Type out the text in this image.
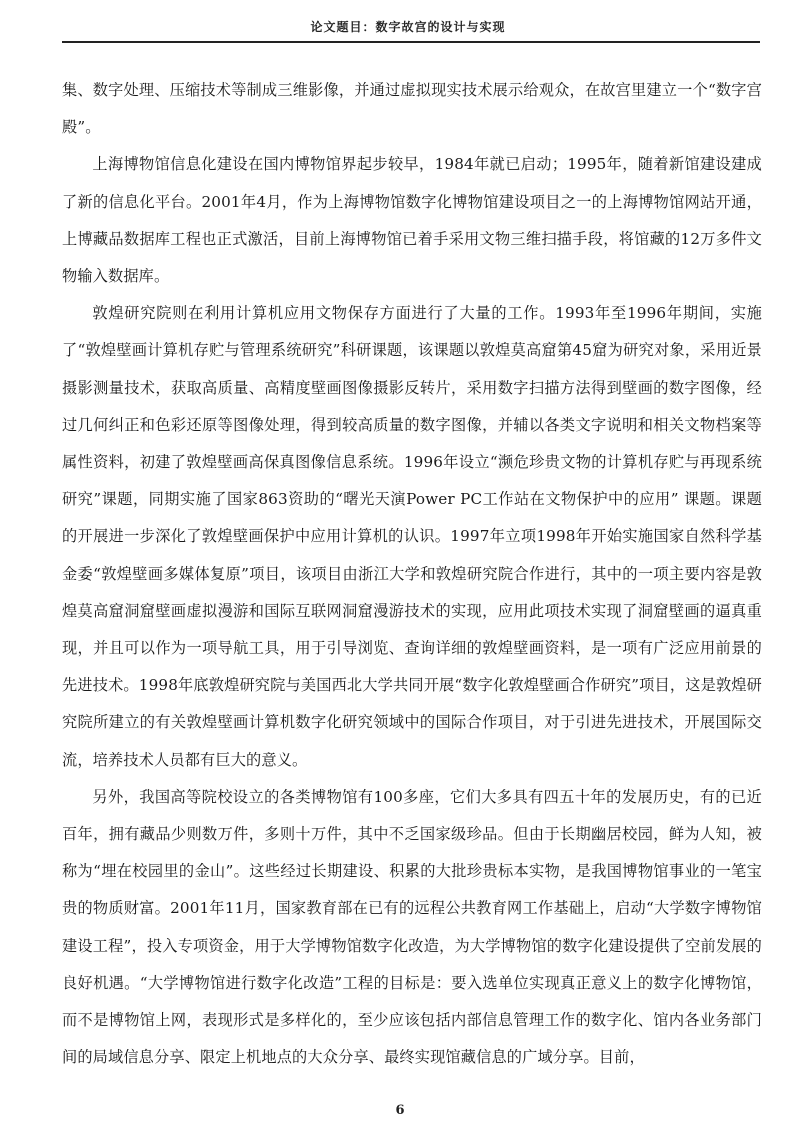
论文题目：数字故宫的设计与实现

集、数字处理、压缩技术等制成三维影像，并通过虚拟现实技术展示给观众，在故宫里建立一个“数字宫殿”。

上海博物馆信息化建设在国内博物馆界起步较早，1984年就已启动；1995年，随着新馆建设建成了新的信息化平台。2001年4月，作为上海博物馆数字化博物馆建设项目之一的上海博物馆网站开通，上博藏品数据库工程也正式激活，目前上海博物馆已着手采用文物三维扫描手段，将馆藏的12万多件文物输入数据库。

敦煌研究院则在利用计算机应用文物保存方面进行了大量的工作。1993年至1996年期间，实施了“敦煌壁画计算机存贮与管理系统研究”科研课题，该课题以敦煌莫高窟第45窟为研究对象，采用近景摄影测量技术，获取高质量、高精度壁画图像摄影反转片，采用数字扫描方法得到壁画的数字图像，经过几何纠正和色彩还原等图像处理，得到较高质量的数字图像，并辅以各类文字说明和相关文物档案等属性资料，初建了敦煌壁画高保真图像信息系统。1996年设立“濒危珍贵文物的计算机存贮与再现系统研究”课题，同期实施了国家863资助的“曙光天演Power PC工作站在文物保护中的应用” 课题。课题的开展进一步深化了敦煌壁画保护中应用计算机的认识。1997年立项1998年开始实施国家自然科学基金委“敦煌壁画多媒体复原”项目，该项目由浙江大学和敦煌研究院合作进行，其中的一项主要内容是敦煌莫高窟洞窟壁画虚拟漫游和国际互联网洞窟漫游技术的实现，应用此项技术实现了洞窟壁画的逼真重现，并且可以作为一项导航工具，用于引导浏览、查询详细的敦煌壁画资料，是一项有广泛应用前景的先进技术。1998年底敦煌研究院与美国西北大学共同开展“数字化敦煌壁画合作研究”项目，这是敦煌研究院所建立的有关敦煌壁画计算机数字化研究领域中的国际合作项目，对于引进先进技术，开展国际交流，培养技术人员都有巨大的意义。

另外，我国高等院校设立的各类博物馆有100多座，它们大多具有四五十年的发展历史，有的已近百年，拥有藏品少则数万件，多则十万件，其中不乏国家级珍品。但由于长期幽居校园，鲜为人知，被称为“埋在校园里的金山”。这些经过长期建设、积累的大批珍贵标本实物，是我国博物馆事业的一笔宝贵的物质财富。2001年11月，国家教育部在已有的远程公共教育网工作基础上，启动“大学数字博物馆建设工程”，投入专项资金，用于大学博物馆数字化改造，为大学博物馆的数字化建设提供了空前发展的良好机遇。“大学博物馆进行数字化改造”工程的目标是：要入选单位实现真正意义上的数字化博物馆，而不是博物馆上网，表现形式是多样化的，至少应该包括内部信息管理工作的数字化、馆内各业务部门间的局域信息分享、限定上机地点的大众分享、最终实现馆藏信息的广域分享。目前，

6
